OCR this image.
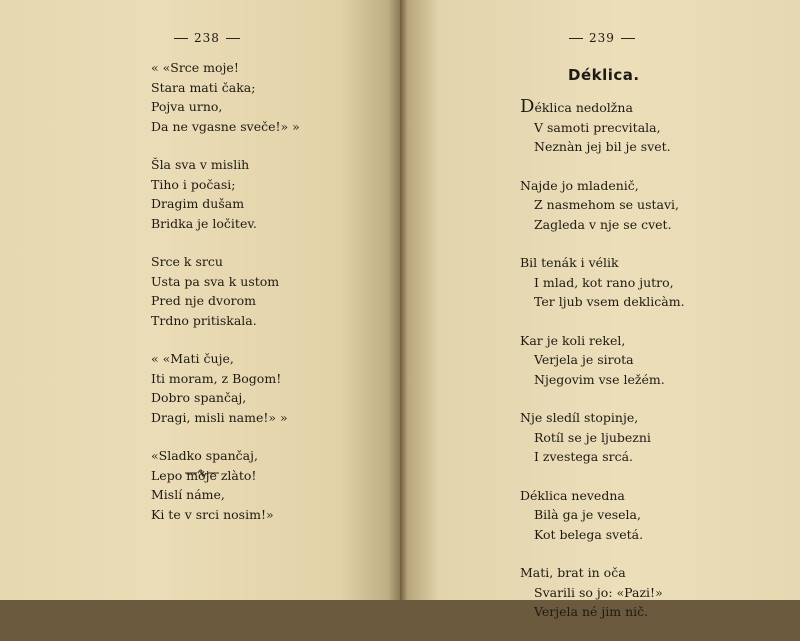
238
« «Srce moje!
Stara mati čaka;
Pojva urno,
Da ne vgasne sveče!» »
Šla sva v mislih
Tiho i počasi;
Dragim dušam
Bridka je ločitev.
Srce k srcu
Usta pa sva k ustom
Pred nje dvorom
Trdno pritiskala.
« «Mati čuje,
Iti moram, z Bogom!
Dobro spančaj,
Dragi, misli name!» »
«Sladko spančaj,
Lepo moje zlàto!
Mislí náme,
Ki te v srci nosim!»
239
Déklica.
Déklica nedolžna
V samoti precvitala,
Neznàn jej bil je svet.
Najde jo mladenič,
Z nasmehom se ustavi,
Zagleda v nje se cvet.
Bil tenák i vélik
I mlad, kot rano jutro,
Ter ljub vsem deklicàm.
Kar je koli rekel,
Verjela je sirota
Njegovim vse ležém.
Nje sledíl stopinje,
Rotíl se je ljubezni
I zvestega srcá.
Déklica nevedna
Bilà ga je vesela,
Kot belega svetá.
Mati, brat in oča
Svarili so jo: «Pazi!»
Verjela né jim nič.
